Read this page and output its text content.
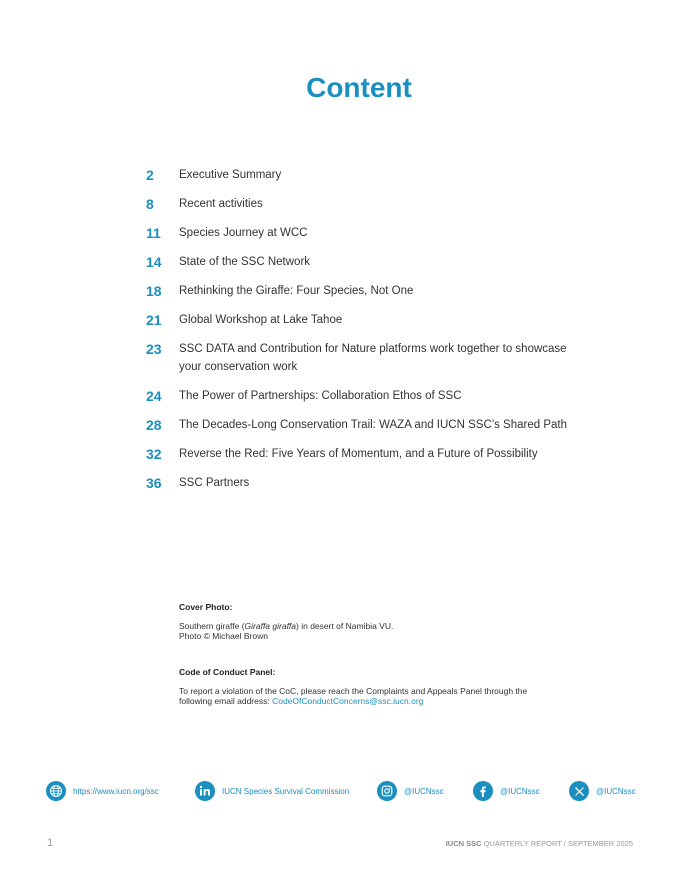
Content
2	Executive Summary
8	Recent activities
11	Species Journey at WCC
14	State of the SSC Network
18	Rethinking the Giraffe: Four Species, Not One
21	Global Workshop at Lake Tahoe
23	SSC DATA and Contribution for Nature platforms work together to showcase your conservation work
24	The Power of Partnerships: Collaboration Ethos of SSC
28	The Decades-Long Conservation Trail: WAZA and IUCN SSC’s Shared Path
32	Reverse the Red: Five Years of Momentum, and a Future of Possibility
36	SSC Partners
Cover Photo:
Southern giraffe (Giraffa giraffa) in desert of Namibia VU.
Photo © Michael Brown
Code of Conduct Panel:
To report a violation of the CoC, please reach the Complaints and Appeals Panel through the following email address: CodeOfConductConcerns@ssc.iucn.org
https://www.iucn.org/ssc	IUCN Species Survival Commission	@IUCNssc	@IUCNssc	@IUCNssc
1	IUCN SSC QUARTERLY REPORT / SEPTEMBER 2025
